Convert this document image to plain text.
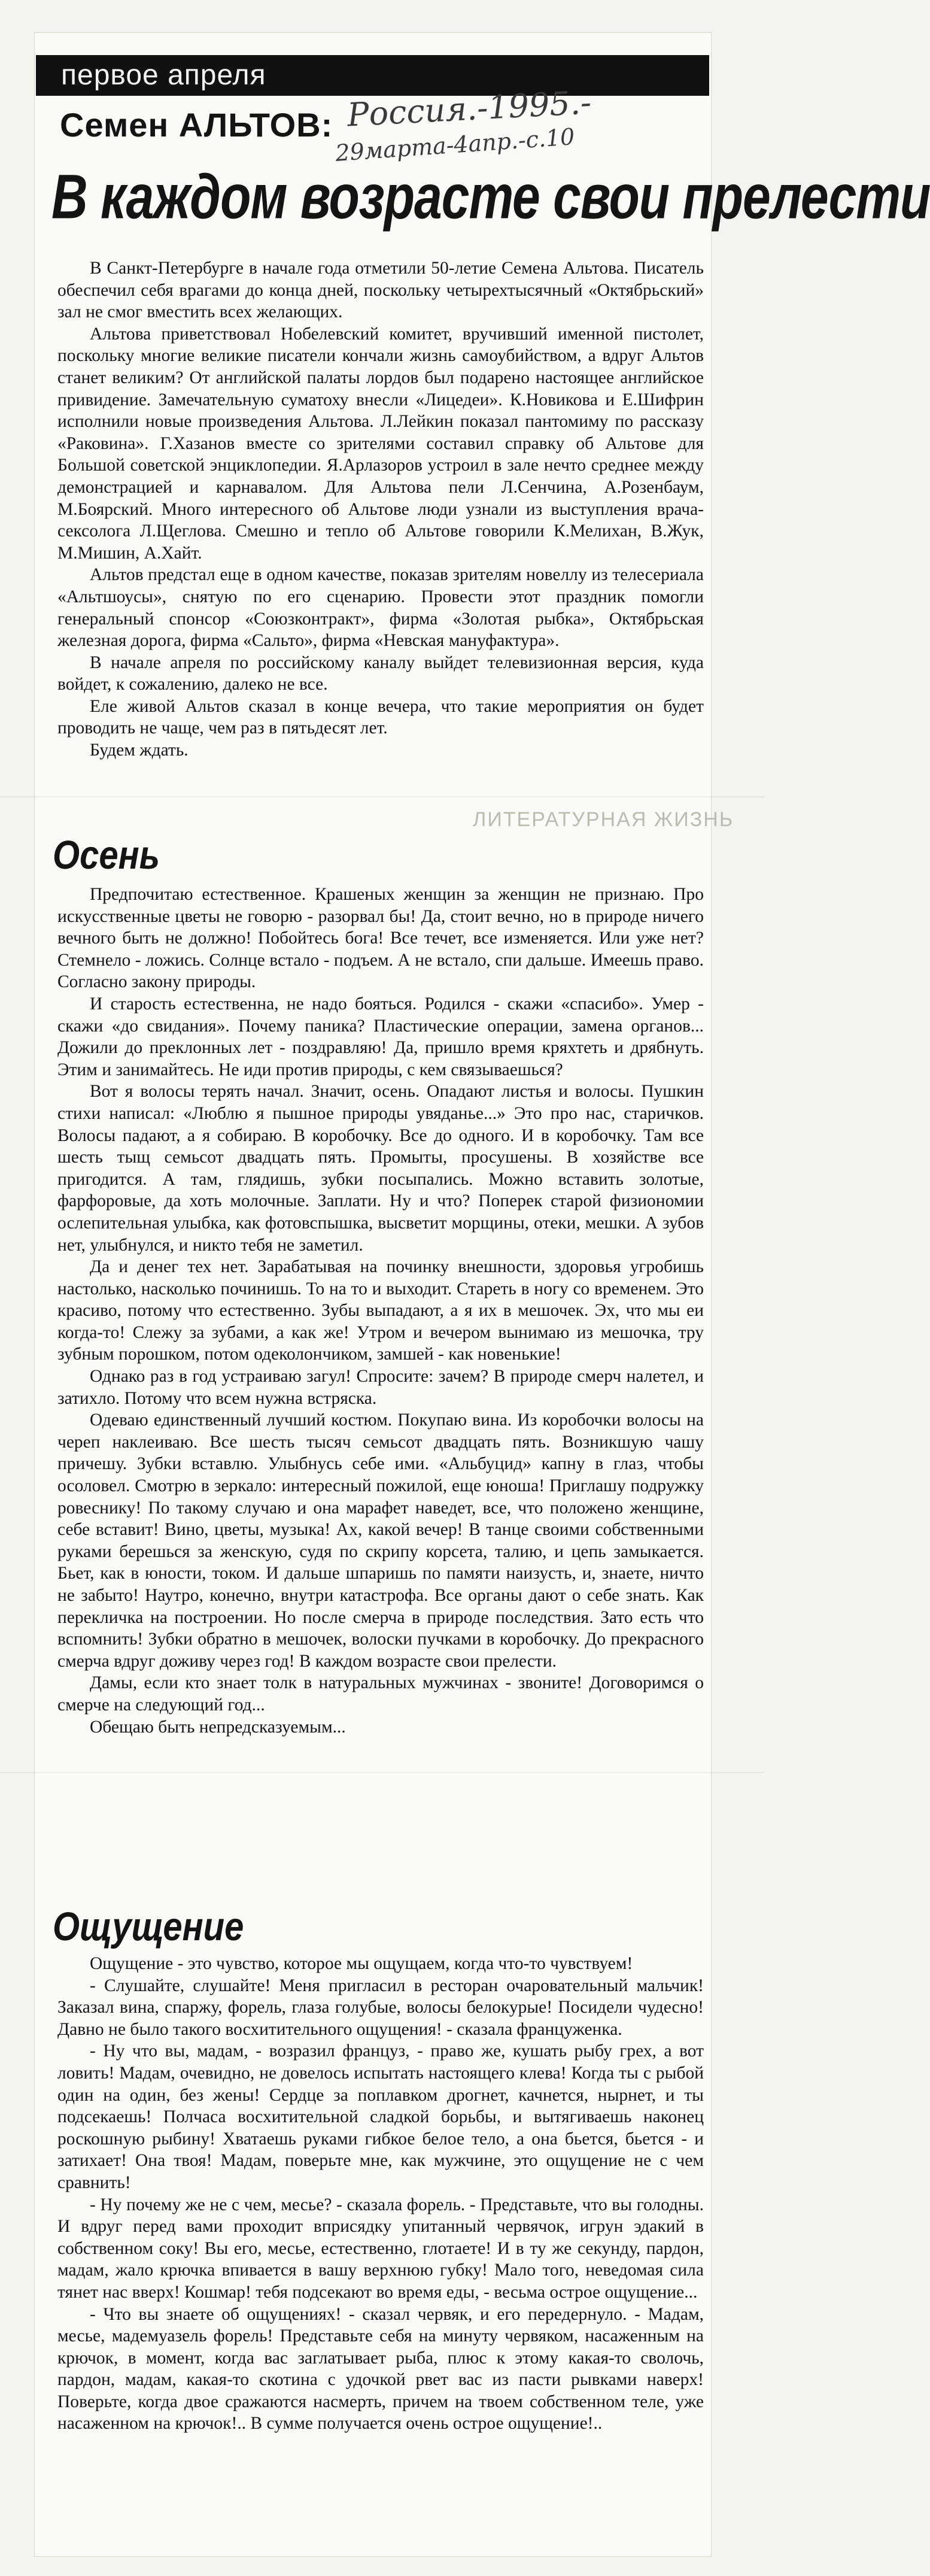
первое апреля
Семен АЛЬТОВ: Россия.-1995.-
29марта-4апр.-с.10
В каждом возрасте свои прелести

В Санкт-Петербурге в начале года отметили 50-летие Семена Альтова. Писатель обеспечил себя врагами до конца дней, поскольку четырехтысячный «Октябрьский» зал не смог вместить всех желающих.

Альтова приветствовал Нобелевский комитет, вручивший именной пистолет, поскольку многие великие писатели кончали жизнь самоубийством, а вдруг Альтов станет великим? От английской палаты лордов был подарено настоящее английское привидение. Замечательную суматоху внесли «Лицедеи». К.Новикова и Е.Шифрин исполнили новые произведения Альтова. Л.Лейкин показал пантомиму по рассказу «Раковина». Г.Хазанов вместе со зрителями составил справку об Альтове для Большой советской энциклопедии. Я.Арлазоров устроил в зале нечто среднее между демонстрацией и карнавалом. Для Альтова пели Л.Сенчина, А.Розенбаум, М.Боярский. Много интересного об Альтове люди узнали из выступления врача-сексолога Л.Щеглова. Смешно и тепло об Альтове говорили К.Мелихан, В.Жук, М.Мишин, А.Хайт.

Альтов предстал еще в одном качестве, показав зрителям новеллу из телесериала «Альтшоусы», снятую по его сценарию. Провести этот праздник помогли генеральный спонсор «Союзконтракт», фирма «Золотая рыбка», Октябрьская железная дорога, фирма «Сальто», фирма «Невская мануфактура».

В начале апреля по российскому каналу выйдет телевизионная версия, куда войдет, к сожалению, далеко не все.

Еле живой Альтов сказал в конце вечера, что такие мероприятия он будет проводить не чаще, чем раз в пятьдесят лет.

Будем ждать.

ЛИТЕРАТУРНАЯ ЖИЗНЬ
Осень

Предпочитаю естественное. Крашеных женщин за женщин не признаю. Про искусственные цветы не говорю - разорвал бы! Да, стоит вечно, но в природе ничего вечного быть не должно! Побойтесь бога! Все течет, все изменяется. Или уже нет? Стемнело - ложись. Солнце встало - подъем. А не встало, спи дальше. Имеешь право. Согласно закону природы.

И старость естественна, не надо бояться. Родился - скажи «спасибо». Умер - скажи «до свидания». Почему паника? Пластические операции, замена органов... Дожили до преклонных лет - поздравляю! Да, пришло время кряхтеть и дрябнуть. Этим и занимайтесь. Не иди против природы, с кем связываешься?

Вот я волосы терять начал. Значит, осень. Опадают листья и волосы. Пушкин стихи написал: «Люблю я пышное природы увяданье...» Это про нас, старичков. Волосы падают, а я собираю. В коробочку. Все до одного. И в коробочку. Там все шесть тыщ семьсот двадцать пять. Промыты, просушены. В хозяйстве все пригодится. А там, глядишь, зубки посыпались. Можно вставить золотые, фарфоровые, да хоть молочные. Заплати. Ну и что? Поперек старой физиономии ослепительная улыбка, как фотовспышка, высветит морщины, отеки, мешки. А зубов нет, улыбнулся, и никто тебя не заметил.

Да и денег тех нет. Зарабатывая на починку внешности, здоровья угробишь настолько, насколько починишь. То на то и выходит. Стареть в ногу со временем. Это красиво, потому что естественно. Зубы выпадают, а я их в мешочек. Эх, что мы еи когда-то! Слежу за зубами, а как же! Утром и вечером вынимаю из мешочка, тру зубным порошком, потом одеколончиком, замшей - как новенькие!

Однако раз в год устраиваю загул! Спросите: зачем? В природе смерч налетел, и затихло. Потому что всем нужна встряска.

Одеваю единственный лучший костюм. Покупаю вина. Из коробочки волосы на череп наклеиваю. Все шесть тысяч семьсот двадцать пять. Возникшую чашу причешу. Зубки вставлю. Улыбнусь себе ими. «Альбуцид» капну в глаз, чтобы осоловел. Смотрю в зеркало: интересный пожилой, еще юноша! Приглашу подружку ровеснику! По такому случаю и она марафет наведет, все, что положено женщине, себе вставит! Вино, цветы, музыка! Ах, какой вечер! В танце своими собственными руками берешься за женскую, судя по скрипу корсета, талию, и цепь замыкается. Бьет, как в юности, током. И дальше шпаришь по памяти наизусть, и, знаете, ничто не забыто! Наутро, конечно, внутри катастрофа. Все органы дают о себе знать. Как перекличка на построении. Но после смерча в природе последствия. Зато есть что вспомнить! Зубки обратно в мешочек, волоски пучками в коробочку. До прекрасного смерча вдруг доживу через год! В каждом возрасте свои прелести.

Дамы, если кто знает толк в натуральных мужчинах - звоните! Договоримся о смерче на следующий год...

Обещаю быть непредсказуемым...

Ощущение

Ощущение - это чувство, которое мы ощущаем, когда что-то чувствуем!

- Слушайте, слушайте! Меня пригласил в ресторан очаровательный мальчик! Заказал вина, спаржу, форель, глаза голубые, волосы белокурые! Посидели чудесно! Давно не было такого восхитительного ощущения! - сказала француженка.

- Ну что вы, мадам, - возразил француз, - право же, кушать рыбу грех, а вот ловить! Мадам, очевидно, не довелось испытать настоящего клева! Когда ты с рыбой один на один, без жены! Сердце за поплавком дрогнет, качнется, нырнет, и ты подсекаешь! Полчаса восхитительной сладкой борьбы, и вытягиваешь наконец роскошную рыбину! Хватаешь руками гибкое белое тело, а она бьется, бьется - и затихает! Она твоя! Мадам, поверьте мне, как мужчине, это ощущение не с чем сравнить!

- Ну почему же не с чем, месье? - сказала форель. - Представьте, что вы голодны. И вдруг перед вами проходит вприсядку упитанный червячок, игрун эдакий в собственном соку! Вы его, месье, естественно, глотаете! И в ту же секунду, пардон, мадам, жало крючка впивается в вашу верхнюю губку! Мало того, неведомая сила тянет нас вверх! Кошмар! тебя подсекают во время еды, - весьма острое ощущение...

- Что вы знаете об ощущениях! - сказал червяк, и его передернуло. - Мадам, месье, мадемуазель форель! Представьте себя на минуту червяком, насаженным на крючок, в момент, когда вас заглатывает рыба, плюс к этому какая-то сволочь, пардон, мадам, какая-то скотина с удочкой рвет вас из пасти рывками наверх! Поверьте, когда двое сражаются насмерть, причем на твоем собственном теле, уже насаженном на крючок!.. В сумме получается очень острое ощущение!..
